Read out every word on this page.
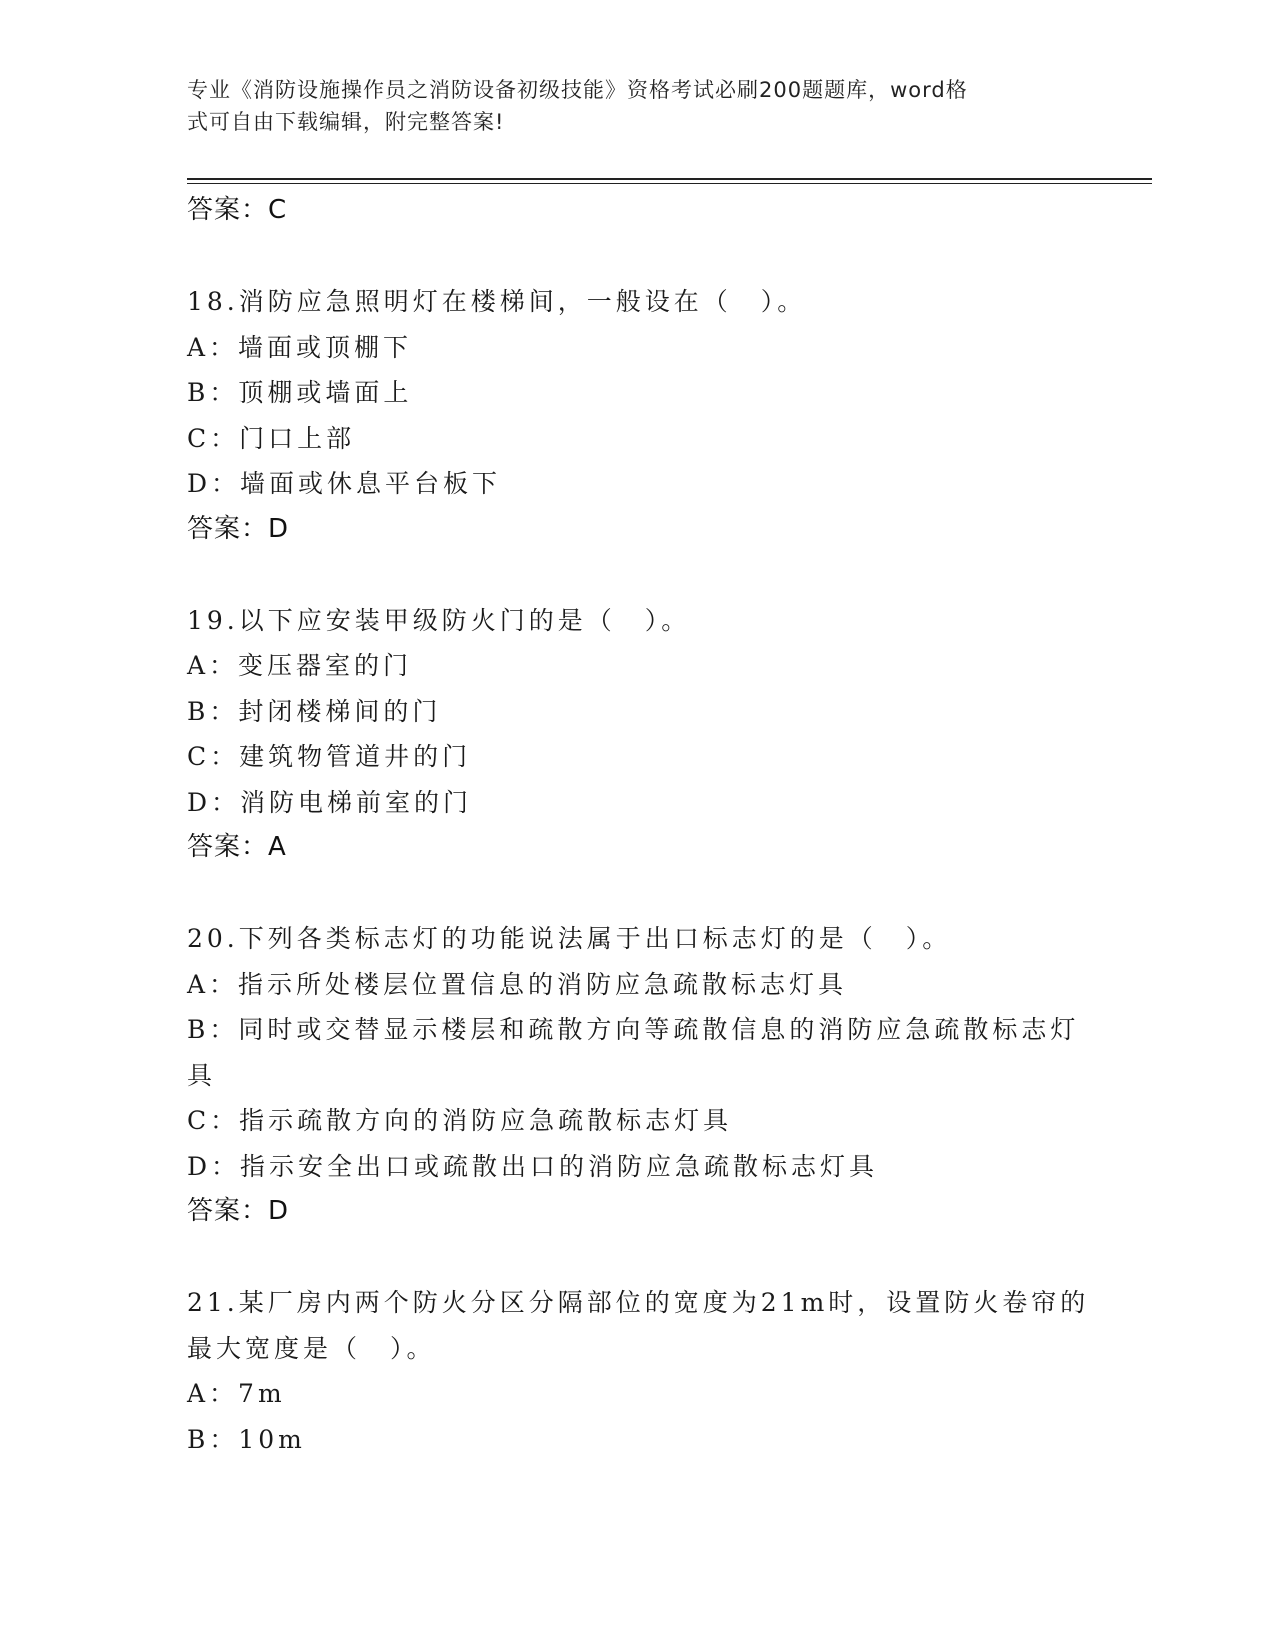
专业《消防设施操作员之消防设备初级技能》资格考试必刷200题题库，word格
式可自由下载编辑，附完整答案!
答案：C
18.消防应急照明灯在楼梯间，一般设在（　）。
A：墙面或顶棚下
B：顶棚或墙面上
C：门口上部
D：墙面或休息平台板下
答案：D
19.以下应安装甲级防火门的是（　）。
A：变压器室的门
B：封闭楼梯间的门
C：建筑物管道井的门
D：消防电梯前室的门
答案：A
20.下列各类标志灯的功能说法属于出口标志灯的是（　）。
A：指示所处楼层位置信息的消防应急疏散标志灯具
B：同时或交替显示楼层和疏散方向等疏散信息的消防应急疏散标志灯
具
C：指示疏散方向的消防应急疏散标志灯具
D：指示安全出口或疏散出口的消防应急疏散标志灯具
答案：D
21.某厂房内两个防火分区分隔部位的宽度为21m时，设置防火卷帘的
最大宽度是（　）。
A：7m
B：10m
